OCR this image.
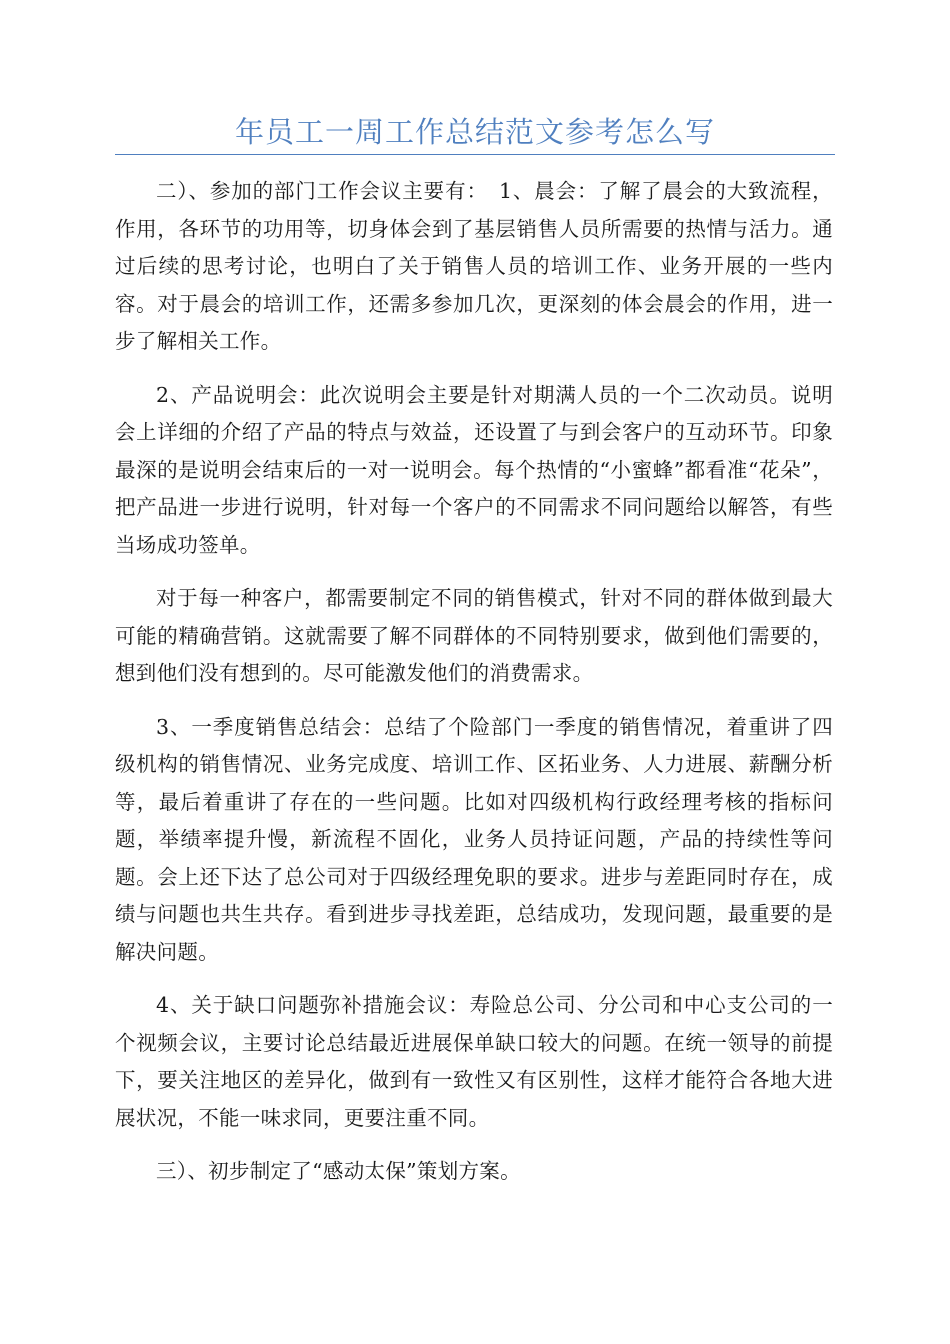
年员工一周工作总结范文参考怎么写

二）、参加的部门工作会议主要有：　1、晨会：了解了晨会的大致流程，作用，各环节的功用等，切身体会到了基层销售人员所需要的热情与活力。通过后续的思考讨论，也明白了关于销售人员的培训工作、业务开展的一些内容。对于晨会的培训工作，还需多参加几次，更深刻的体会晨会的作用，进一步了解相关工作。

2、产品说明会：此次说明会主要是针对期满人员的一个二次动员。说明会上详细的介绍了产品的特点与效益，还设置了与到会客户的互动环节。印象最深的是说明会结束后的一对一说明会。每个热情的“小蜜蜂”都看准“花朵”，把产品进一步进行说明，针对每一个客户的不同需求不同问题给以解答，有些当场成功签单。

对于每一种客户，都需要制定不同的销售模式，针对不同的群体做到最大可能的精确营销。这就需要了解不同群体的不同特别要求，做到他们需要的，想到他们没有想到的。尽可能激发他们的消费需求。

3、一季度销售总结会：总结了个险部门一季度的销售情况，着重讲了四级机构的销售情况、业务完成度、培训工作、区拓业务、人力进展、薪酬分析等，最后着重讲了存在的一些问题。比如对四级机构行政经理考核的指标问题，举绩率提升慢，新流程不固化，业务人员持证问题，产品的持续性等问题。会上还下达了总公司对于四级经理免职的要求。进步与差距同时存在，成绩与问题也共生共存。看到进步寻找差距，总结成功，发现问题，最重要的是解决问题。

4、关于缺口问题弥补措施会议：寿险总公司、分公司和中心支公司的一个视频会议，主要讨论总结最近进展保单缺口较大的问题。在统一领导的前提下，要关注地区的差异化，做到有一致性又有区别性，这样才能符合各地大进展状况，不能一味求同，更要注重不同。

三）、初步制定了“感动太保”策划方案。
